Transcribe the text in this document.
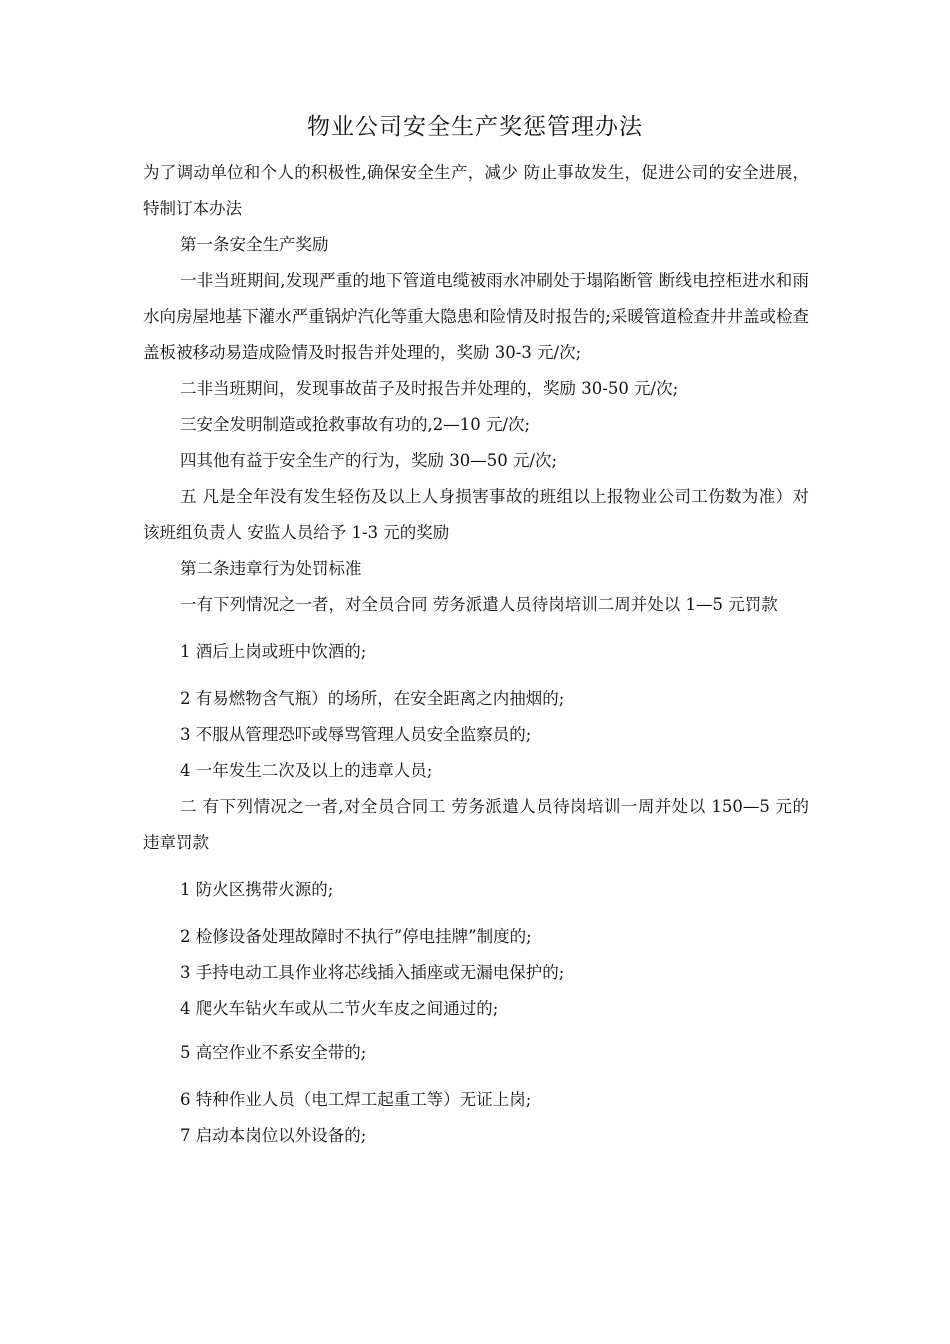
物业公司安全生产奖惩管理办法

为了调动单位和个人的积极性,确保安全生产，减少 防止事故发生，促进公司的安全进展，特制订本办法

第一条安全生产奖励

一非当班期间,发现严重的地下管道电缆被雨水冲刷处于塌陷断管 断线电控柜进水和雨水向房屋地基下灌水严重锅炉汽化等重大隐患和险情及时报告的;采暖管道检查井井盖或检查盖板被移动易造成险情及时报告并处理的，奖励 30-3 元/次;

二非当班期间，发现事故苗子及时报告并处理的，奖励 30-50 元/次;

三安全发明制造或抢救事故有功的,2—10 元/次;

四其他有益于安全生产的行为，奖励 30—50 元/次;

五 凡是全年没有发生轻伤及以上人身损害事故的班组以上报物业公司工伤数为准）对该班组负责人 安监人员给予 1-3 元的奖励

第二条违章行为处罚标准

一有下列情况之一者，对全员合同 劳务派遣人员待岗培训二周并处以 1—5 元罚款

1 酒后上岗或班中饮酒的;

2 有易燃物含气瓶）的场所，在安全距离之内抽烟的;

3 不服从管理恐吓或辱骂管理人员安全监察员的;

4 一年发生二次及以上的违章人员;

二 有下列情况之一者,对全员合同工 劳务派遣人员待岗培训一周并处以 150—5 元的违章罚款

1 防火区携带火源的;

2 检修设备处理故障时不执行”停电挂牌”制度的;

3 手持电动工具作业将芯线插入插座或无漏电保护的;

4 爬火车钻火车或从二节火车皮之间通过的;

5 高空作业不系安全带的;

6 特种作业人员（电工焊工起重工等）无证上岗;

7 启动本岗位以外设备的;
